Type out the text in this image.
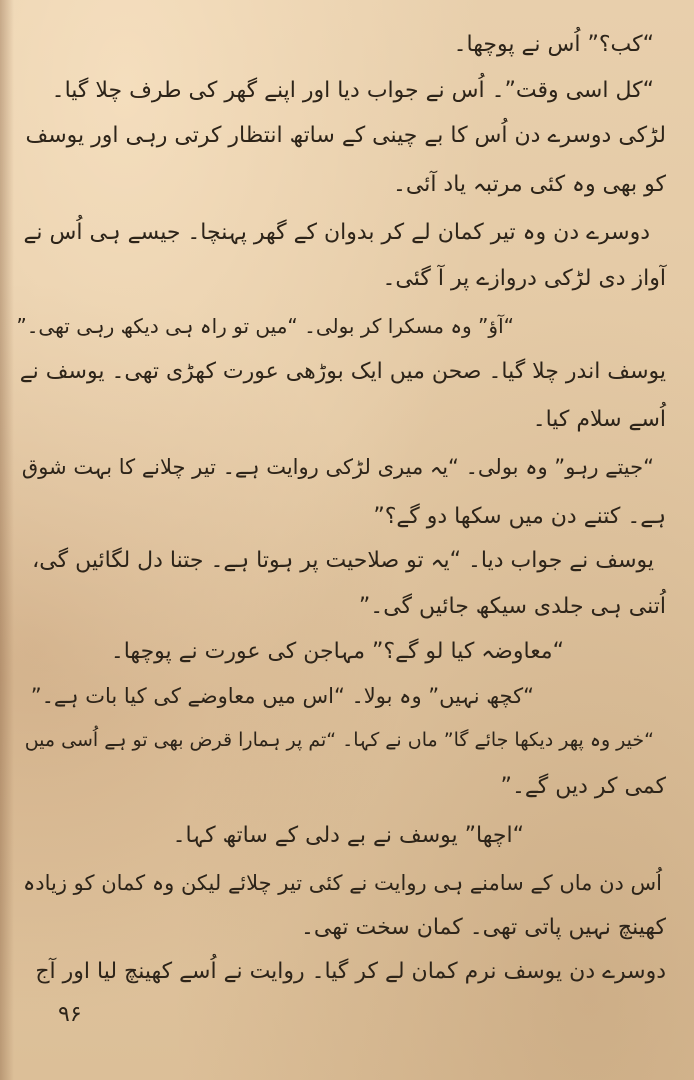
“کب؟” اُس نے پوچھا۔
“کل اسی وقت”۔ اُس نے جواب دیا اور اپنے گھر کی طرف چلا گیا۔
لڑکی دوسرے دن اُس کا بے چینی کے ساتھ انتظار کرتی رہی اور یوسف
کو بھی وہ کئی مرتبہ یاد آئی۔
دوسرے دن وہ تیر کمان لے کر بدوان کے گھر پہنچا۔ جیسے ہی اُس نے
آواز دی لڑکی دروازے پر آ گئی۔
“آؤ” وہ مسکرا کر بولی۔ “میں تو راہ ہی دیکھ رہی تھی۔”
یوسف اندر چلا گیا۔ صحن میں ایک بوڑھی عورت کھڑی تھی۔ یوسف نے
اُسے سلام کیا۔
“جیتے رہو” وہ بولی۔ “یہ میری لڑکی روایت ہے۔ تیر چلانے کا بہت شوق
ہے۔ کتنے دن میں سکھا دو گے؟”
یوسف نے جواب دیا۔ “یہ تو صلاحیت پر ہوتا ہے۔ جتنا دل لگائیں گی،
اُتنی ہی جلدی سیکھ جائیں گی۔”
“معاوضہ کیا لو گے؟” مہاجن کی عورت نے پوچھا۔
“کچھ نہیں” وہ بولا۔ “اس میں معاوضے کی کیا بات ہے۔”
“خیر وہ پھر دیکھا جائے گا” ماں نے کہا۔ “تم پر ہمارا قرض بھی تو ہے اُسی میں
کمی کر دیں گے۔”
“اچھا” یوسف نے بے دلی کے ساتھ کہا۔
اُس دن ماں کے سامنے ہی روایت نے کئی تیر چلائے لیکن وہ کمان کو زیادہ
کھینچ نہیں پاتی تھی۔ کمان سخت تھی۔
دوسرے دن یوسف نرم کمان لے کر گیا۔ روایت نے اُسے کھینچ لیا اور آج
۹۶
